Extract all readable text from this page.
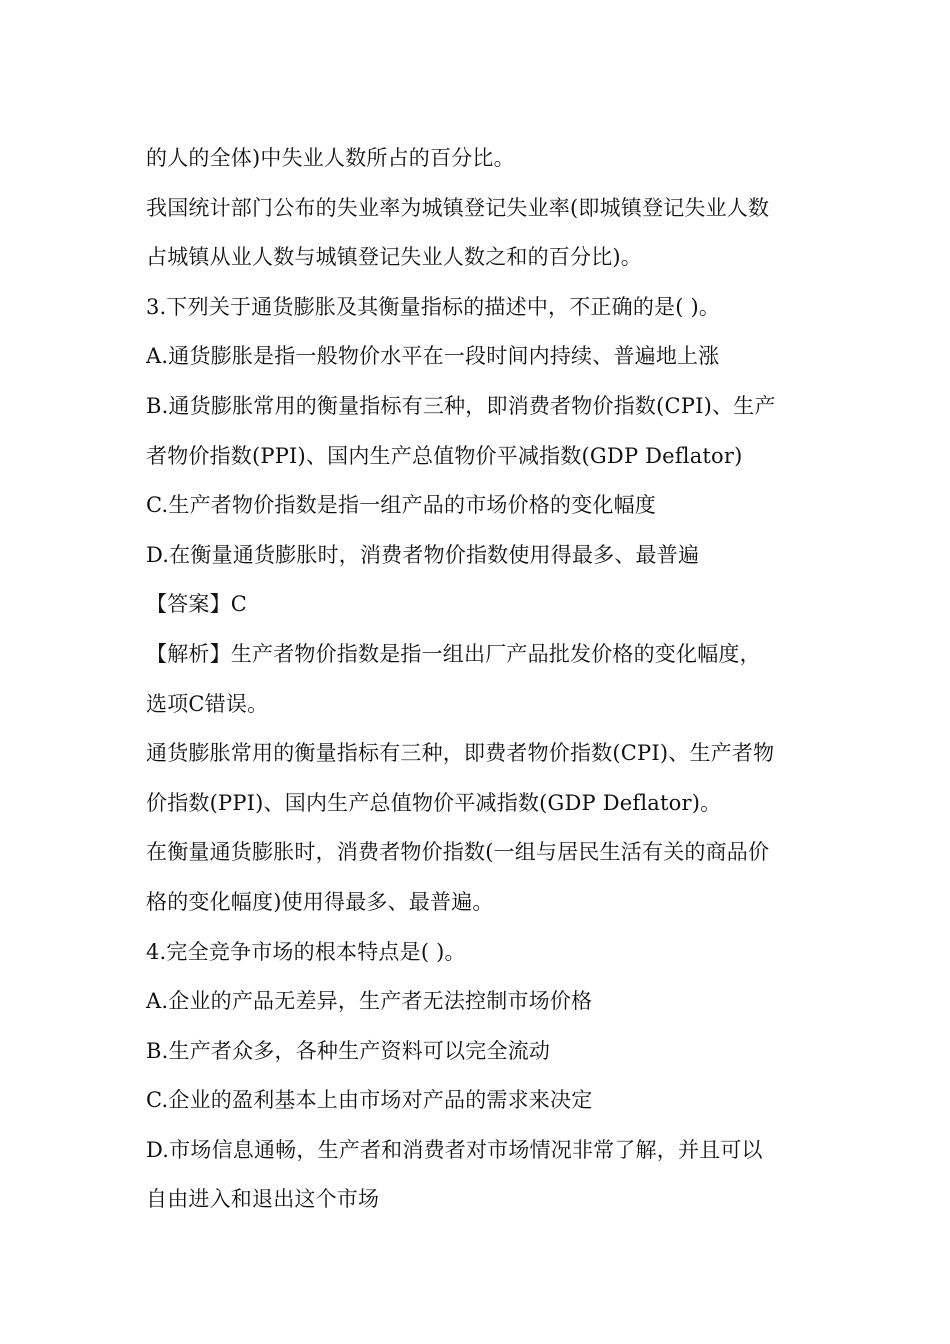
的人的全体)中失业人数所占的百分比。
我国统计部门公布的失业率为城镇登记失业率(即城镇登记失业人数
占城镇从业人数与城镇登记失业人数之和的百分比)。
3.下列关于通货膨胀及其衡量指标的描述中，不正确的是( )。
A.通货膨胀是指一般物价水平在一段时间内持续、普遍地上涨
B.通货膨胀常用的衡量指标有三种，即消费者物价指数(CPI)、生产
者物价指数(PPI)、国内生产总值物价平减指数(GDP Deflator)
C.生产者物价指数是指一组产品的市场价格的变化幅度
D.在衡量通货膨胀时，消费者物价指数使用得最多、最普遍
【答案】C
【解析】生产者物价指数是指一组出厂产品批发价格的变化幅度，
选项C错误。
通货膨胀常用的衡量指标有三种，即费者物价指数(CPI)、生产者物
价指数(PPI)、国内生产总值物价平减指数(GDP Deflator)。
在衡量通货膨胀时，消费者物价指数(一组与居民生活有关的商品价
格的变化幅度)使用得最多、最普遍。
4.完全竞争市场的根本特点是( )。
A.企业的产品无差异，生产者无法控制市场价格
B.生产者众多，各种生产资料可以完全流动
C.企业的盈利基本上由市场对产品的需求来决定
D.市场信息通畅，生产者和消费者对市场情况非常了解，并且可以
自由进入和退出这个市场
